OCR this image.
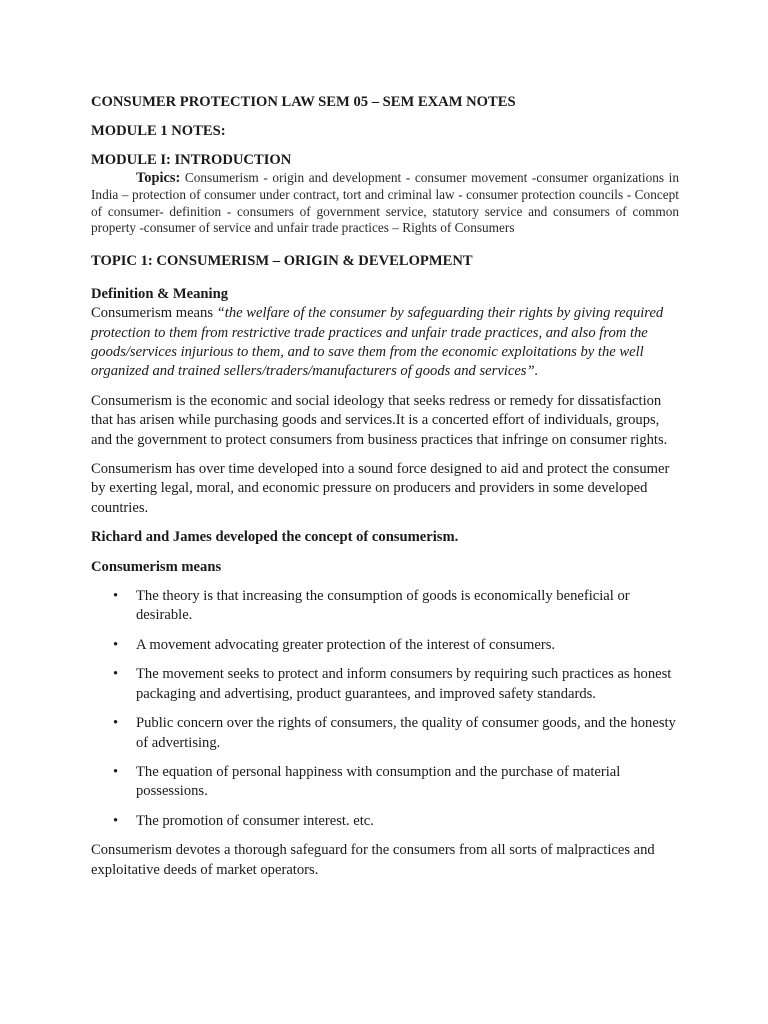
CONSUMER PROTECTION LAW SEM 05 – SEM EXAM NOTES

MODULE 1 NOTES:

MODULE I: INTRODUCTION

Topics: Consumerism - origin and development - consumer movement -consumer organizations in India – protection of consumer under contract, tort and criminal law - consumer protection councils - Concept of consumer- definition - consumers of government service, statutory service and consumers of common property -consumer of service and unfair trade practices – Rights of Consumers

TOPIC 1: CONSUMERISM – ORIGIN & DEVELOPMENT

Definition & Meaning

Consumerism means “the welfare of the consumer by safeguarding their rights by giving required protection to them from restrictive trade practices and unfair trade practices, and also from the goods/services injurious to them, and to save them from the economic exploitations by the well organized and trained sellers/traders/manufacturers of goods and services”.

Consumerism is the economic and social ideology that seeks redress or remedy for dissatisfaction that has arisen while purchasing goods and services.It is a concerted effort of individuals, groups, and the government to protect consumers from business practices that infringe on consumer rights.

Consumerism has over time developed into a sound force designed to aid and protect the consumer by exerting legal, moral, and economic pressure on producers and providers in some developed countries.

Richard and James developed the concept of consumerism.

Consumerism means

• The theory is that increasing the consumption of goods is economically beneficial or desirable.
• A movement advocating greater protection of the interest of consumers.
• The movement seeks to protect and inform consumers by requiring such practices as honest packaging and advertising, product guarantees, and improved safety standards.
• Public concern over the rights of consumers, the quality of consumer goods, and the honesty of advertising.
• The equation of personal happiness with consumption and the purchase of material possessions.
• The promotion of consumer interest. etc.

Consumerism devotes a thorough safeguard for the consumers from all sorts of malpractices and exploitative deeds of market operators.
